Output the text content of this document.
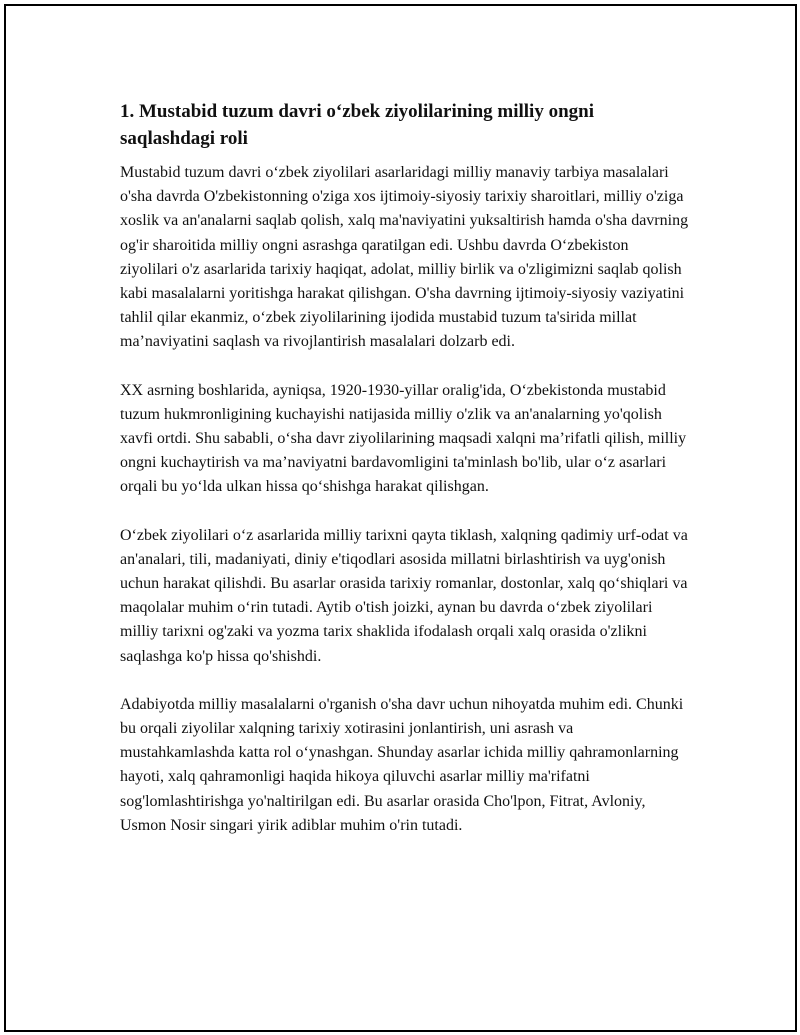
1. Mustabid tuzum davri o‘zbek ziyolilarining milliy ongni saqlashdagi roli

Mustabid tuzum davri o‘zbek ziyolilari asarlaridagi milliy manaviy tarbiya masalalari o'sha davrda O'zbekistonning o'ziga xos ijtimoiy-siyosiy tarixiy sharoitlari, milliy o'ziga xoslik va an'analarni saqlab qolish, xalq ma'naviyatini yuksaltirish hamda o'sha davrning og'ir sharoitida milliy ongni asrashga qaratilgan edi. Ushbu davrda O‘zbekiston ziyolilari o'z asarlarida tarixiy haqiqat, adolat, milliy birlik va o'zligimizni saqlab qolish kabi masalalarni yoritishga harakat qilishgan. O'sha davrning ijtimoiy-siyosiy vaziyatini tahlil qilar ekanmiz, o‘zbek ziyolilarining ijodida mustabid tuzum ta'sirida millat ma’naviyatini saqlash va rivojlantirish masalalari dolzarb edi.

XX asrning boshlarida, ayniqsa, 1920-1930-yillar oralig'ida, O‘zbekistonda mustabid tuzum hukmronligining kuchayishi natijasida milliy o'zlik va an'analarning yo'qolish xavfi ortdi. Shu sababli, o‘sha davr ziyolilarining maqsadi xalqni ma’rifatli qilish, milliy ongni kuchaytirish va ma’naviyatni bardavomligini ta'minlash bo'lib, ular o‘z asarlari orqali bu yo‘lda ulkan hissa qo‘shishga harakat qilishgan.

O‘zbek ziyolilari o‘z asarlarida milliy tarixni qayta tiklash, xalqning qadimiy urf-odat va an'analari, tili, madaniyati, diniy e'tiqodlari asosida millatni birlashtirish va uyg'onish uchun harakat qilishdi. Bu asarlar orasida tarixiy romanlar, dostonlar, xalq qo‘shiqlari va maqolalar muhim o‘rin tutadi. Aytib o'tish joizki, aynan bu davrda o‘zbek ziyolilari milliy tarixni og'zaki va yozma tarix shaklida ifodalash orqali xalq orasida o'zlikni saqlashga ko'p hissa qo'shishdi.

Adabiyotda milliy masalalarni o'rganish o'sha davr uchun nihoyatda muhim edi. Chunki bu orqali ziyolilar xalqning tarixiy xotirasini jonlantirish, uni asrash va mustahkamlashda katta rol o‘ynashgan. Shunday asarlar ichida milliy qahramonlarning hayoti, xalq qahramonligi haqida hikoya qiluvchi asarlar milliy ma'rifatni sog'lomlashtirishga yo'naltirilgan edi. Bu asarlar orasida Cho'lpon, Fitrat, Avloniy, Usmon Nosir singari yirik adiblar muhim o'rin tutadi.
